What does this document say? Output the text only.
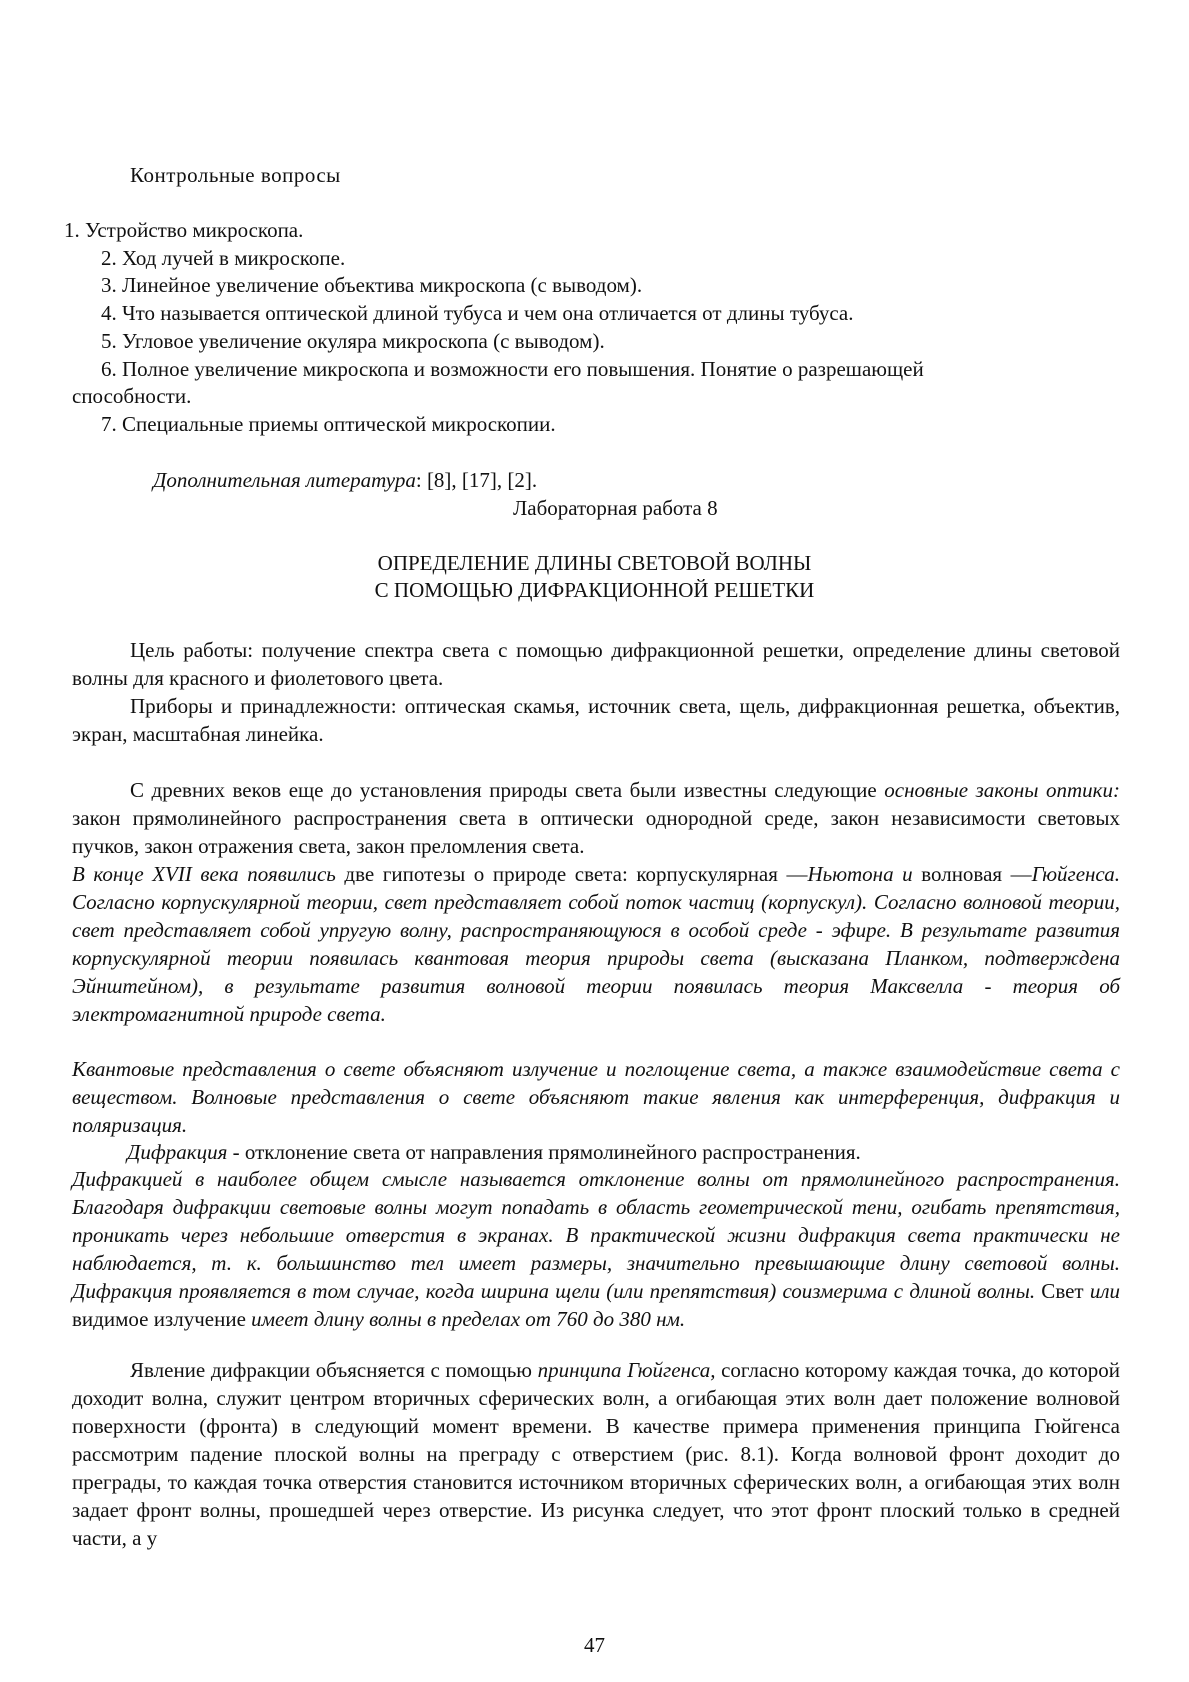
Контрольные вопросы
1. Устройство микроскопа.
2. Ход лучей в микроскопе.
3. Линейное увеличение объектива микроскопа (с выводом).
4. Что называется оптической длиной тубуса и чем она отличается от длины тубуса.
5. Угловое увеличение окуляра микроскопа (с выводом).
6. Полное увеличение микроскопа и возможности его повышения. Понятие о разрешающей
способности.
7. Специальные приемы оптической микроскопии.
Дополнительная литература: [8], [17], [2].
Лабораторная работа 8
ОПРЕДЕЛЕНИЕ ДЛИНЫ СВЕТОВОЙ ВОЛНЫ
С ПОМОЩЬЮ ДИФРАКЦИОННОЙ РЕШЕТКИ
Цель работы: получение спектра света с помощью дифракционной решетки, определение длины световой волны для красного и фиолетового цвета.
Приборы и принадлежности: оптическая скамья, источник света, щель, дифракционная решетка, объектив, экран, масштабная линейка.
С древних веков еще до установления природы света были известны следующие основные законы оптики: закон прямолинейного распространения света в оптически однородной среде, закон независимости световых пучков, закон отражения света, закон преломления света.
В конце XVII века появились две гипотезы о природе света: корпускулярная —Ньютона и волновая —Гюйгенса. Согласно корпускулярной теории, свет представляет собой поток частиц (корпускул). Согласно волновой теории, свет представляет собой упругую волну, распространяющуюся в особой среде - эфире. В результате развития корпускулярной теории появилась квантовая теория природы света (высказана Планком, подтверждена Эйнштейном), в результате развития волновой теории появилась теория Максвелла - теория об электромагнитной природе света.
Квантовые представления о свете объясняют излучение и поглощение света, а также взаимодействие света с веществом. Волновые представления о свете объясняют такие явления как интерференция, дифракция и поляризация.
Дифракция - отклонение света от направления прямолинейного распространения.
Дифракцией в наиболее общем смысле называется отклонение волны от прямолинейного распространения. Благодаря дифракции световые волны могут попадать в область геометрической тени, огибать препятствия, проникать через небольшие отверстия в экранах. В практической жизни дифракция света практически не наблюдается, т. к. большинство тел имеет размеры, значительно превышающие длину световой волны. Дифракция проявляется в том случае, когда ширина щели (или препятствия) соизмерима с длиной волны. Свет или видимое излучение имеет длину волны в пределах от 760 до 380 нм.
Явление дифракции объясняется с помощью принципа Гюйгенса, согласно которому каждая точка, до которой доходит волна, служит центром вторичных сферических волн, а огибающая этих волн дает положение волновой поверхности (фронта) в следующий момент времени. В качестве примера применения принципа Гюйгенса рассмотрим падение плоской волны на преграду с отверстием (рис. 8.1). Когда волновой фронт доходит до преграды, то каждая точка отверстия становится источником вторичных сферических волн, а огибающая этих волн задает фронт волны, прошедшей через отверстие. Из рисунка следует, что этот фронт плоский только в средней части, а у
47
